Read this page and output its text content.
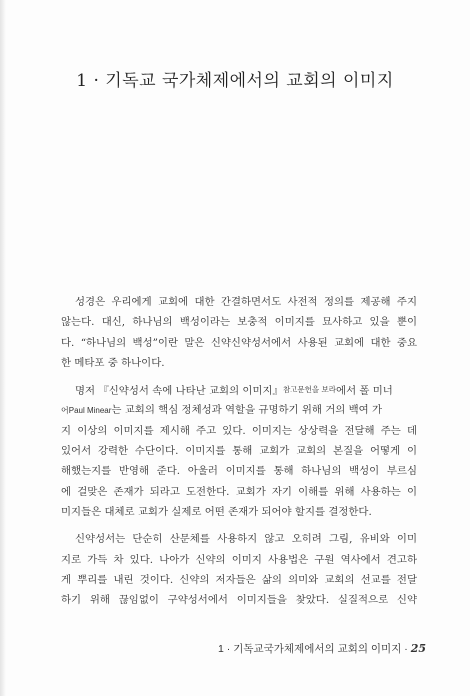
1 · 기독교 국가체제에서의 교회의 이미지
성경은 우리에게 교회에 대한 간결하면서도 사전적 정의를 제공해 주지
않는다. 대신, 하나님의 백성이라는 보충적 이미지를 묘사하고 있을 뿐이
다. “하나님의 백성”이란 말은 신약신약성서에서 사용된 교회에 대한 중요
한 메타포 중 하나이다.
명저 『신약성서 속에 나타난 교회의 이미지』참고문헌을 보라에서 폴 미너
어Paul Minear는 교회의 핵심 정체성과 역할을 규명하기 위해 거의 백여 가
지 이상의 이미지를 제시해 주고 있다. 이미지는 상상력을 전달해 주는 데
있어서 강력한 수단이다. 이미지를 통해 교회가 교회의 본질을 어떻게 이
해했는지를 반영해 준다. 아울러 이미지를 통해 하나님의 백성이 부르심
에 걸맞은 존재가 되라고 도전한다. 교회가 자기 이해를 위해 사용하는 이
미지들은 대체로 교회가 실제로 어떤 존재가 되어야 할지를 결정한다.
신약성서는 단순히 산문체를 사용하지 않고 오히려 그림, 유비와 이미
지로 가득 차 있다. 나아가 신약의 이미지 사용법은 구원 역사에서 견고하
게 뿌리를 내린 것이다. 신약의 저자들은 삶의 의미와 교회의 선교를 전달
하기 위해 끊임없이 구약성서에서 이미지들을 찾았다. 실질적으로 신약
1 · 기독교국가체제에서의 교회의 이미지 · 25
